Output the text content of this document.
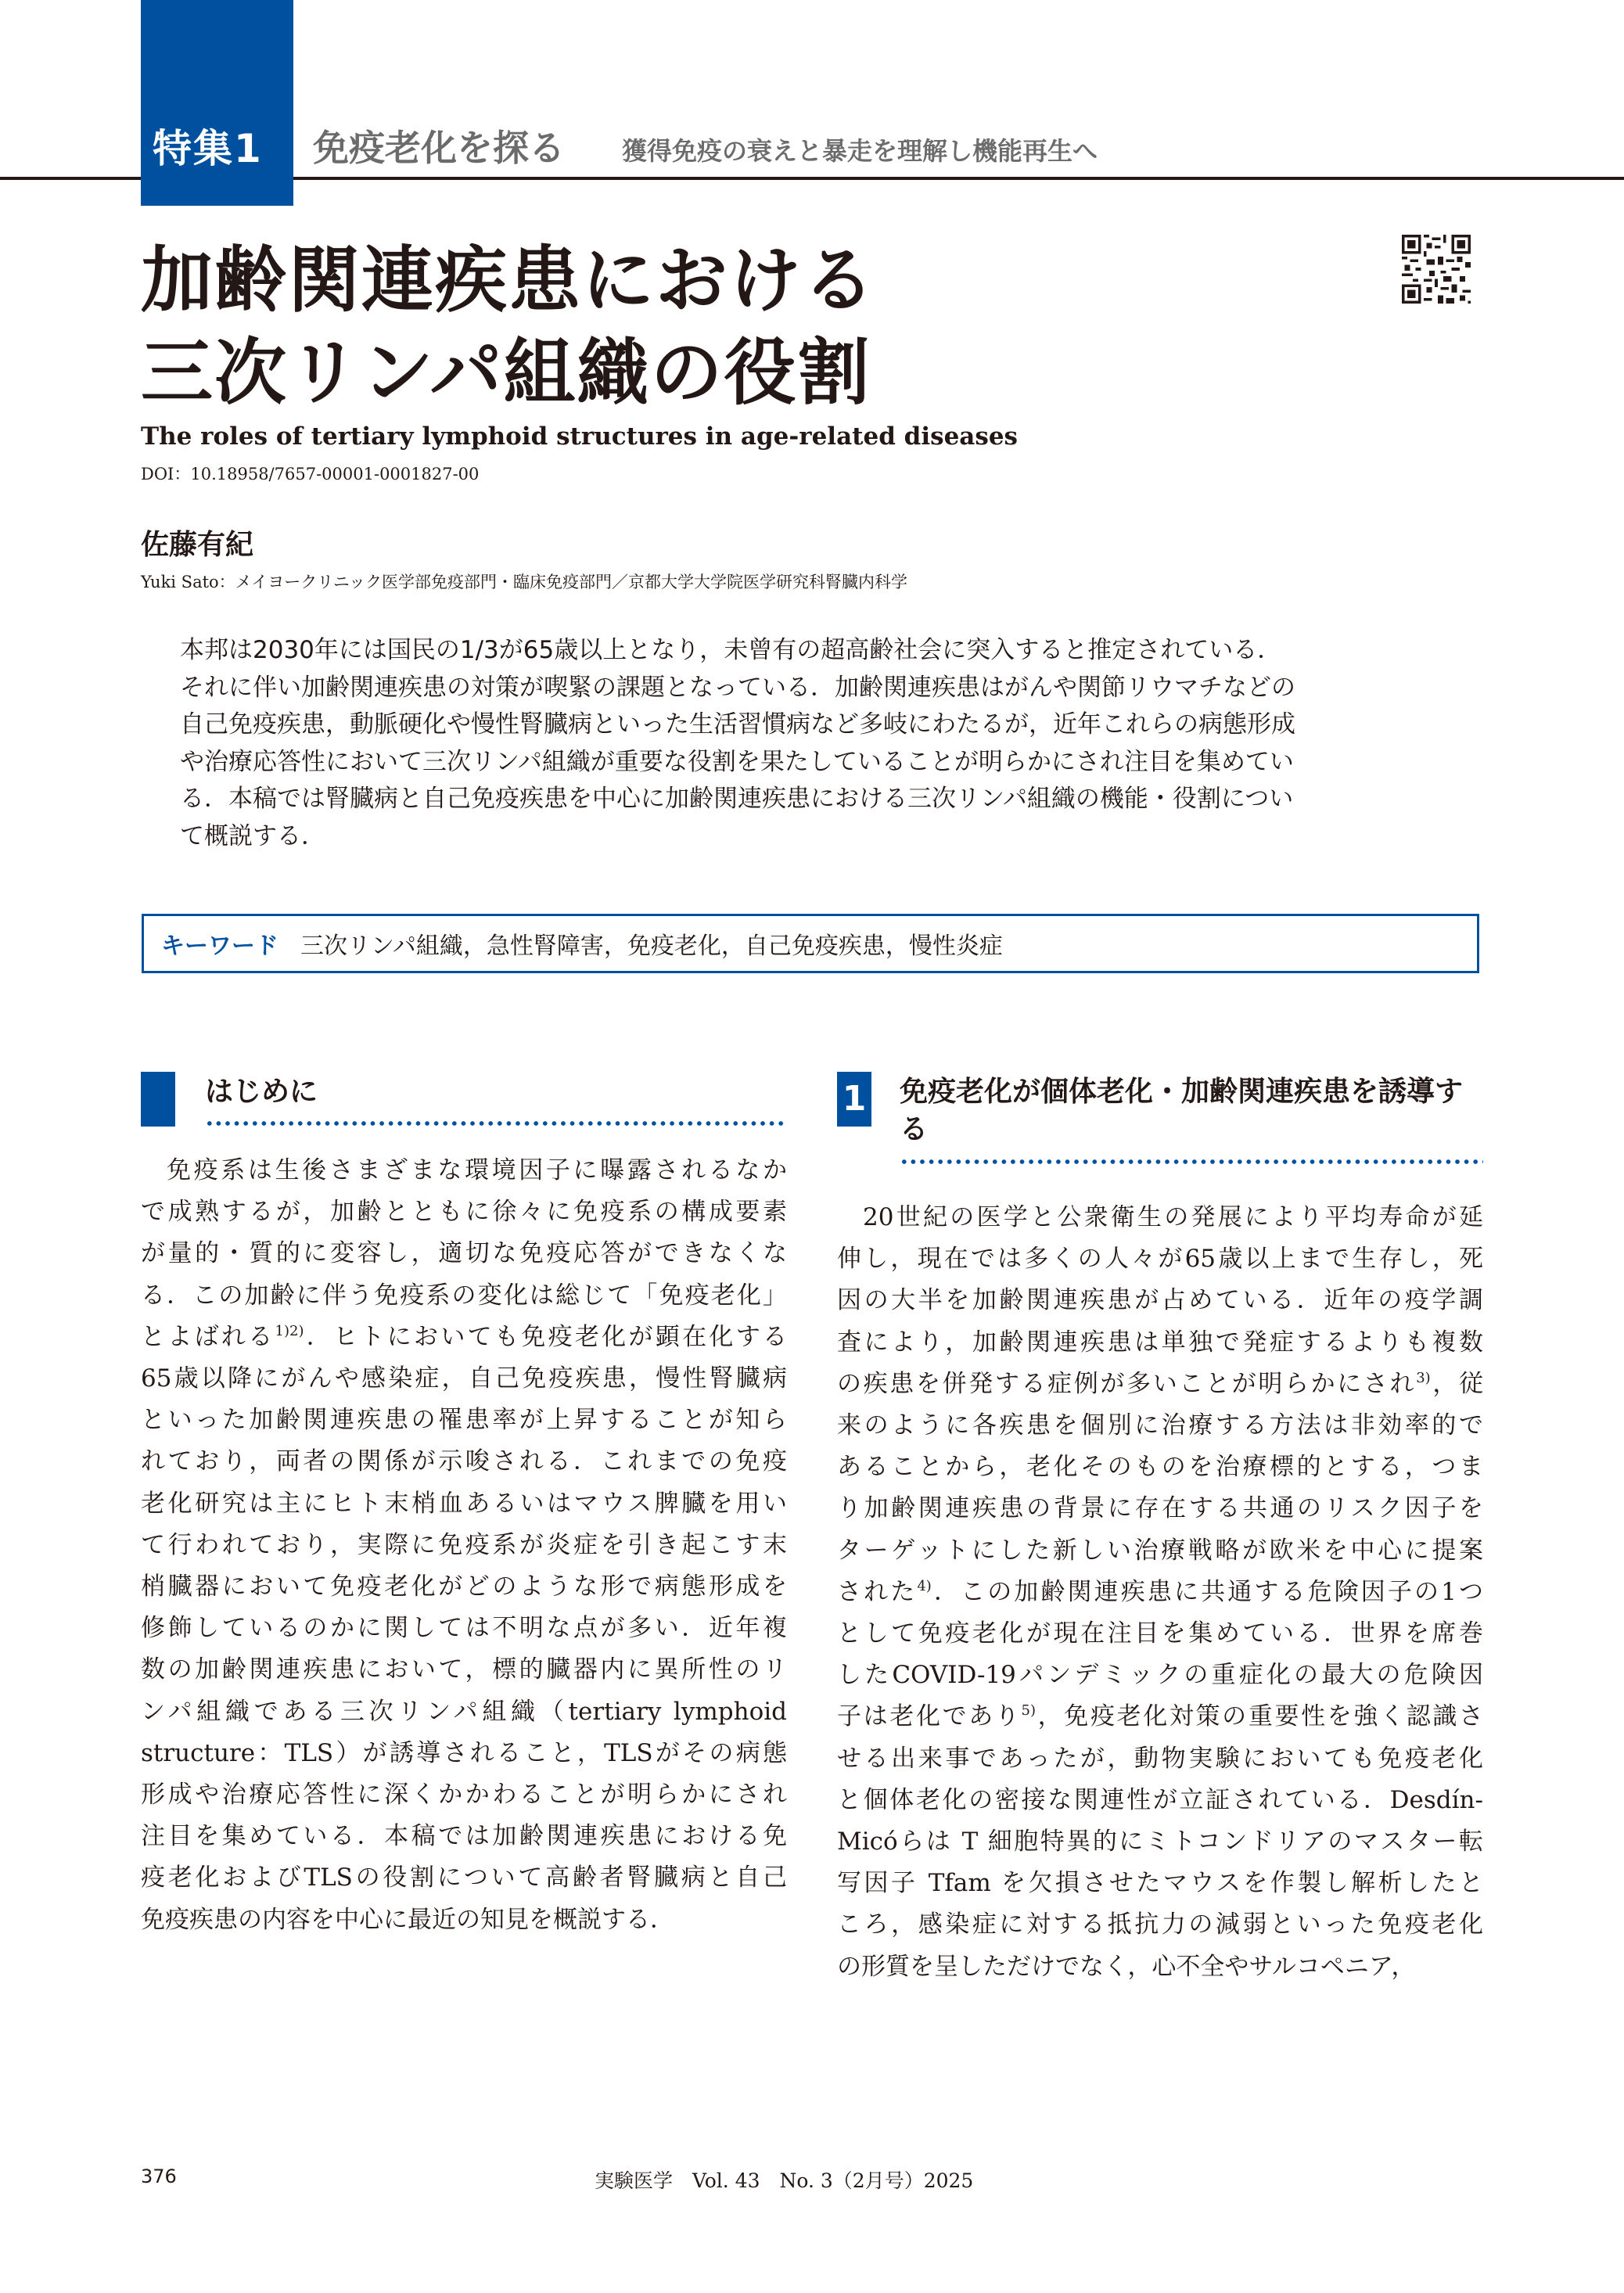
特集1 免疫老化を探る 獲得免疫の衰えと暴走を理解し機能再生へ
加齢関連疾患における
三次リンパ組織の役割
The roles of tertiary lymphoid structures in age-related diseases
DOI：10.18958/7657-00001-0001827-00
佐藤有紀
Yuki Sato：メイヨークリニック医学部免疫部門・臨床免疫部門／京都大学大学院医学研究科腎臓内科学
本邦は2030年には国民の1/3が65歳以上となり，未曾有の超高齢社会に突入すると推定されている．
それに伴い加齢関連疾患の対策が喫緊の課題となっている．加齢関連疾患はがんや関節リウマチなどの
自己免疫疾患，動脈硬化や慢性腎臓病といった生活習慣病など多岐にわたるが，近年これらの病態形成
や治療応答性において三次リンパ組織が重要な役割を果たしていることが明らかにされ注目を集めてい
る．本稿では腎臓病と自己免疫疾患を中心に加齢関連疾患における三次リンパ組織の機能・役割につい
て概説する．
キーワード 三次リンパ組織，急性腎障害，免疫老化，自己免疫疾患，慢性炎症
はじめに
免疫系は生後さまざまな環境因子に曝露されるなか
で成熟するが，加齢とともに徐々に免疫系の構成要素
が量的・質的に変容し，適切な免疫応答ができなくな
る．この加齢に伴う免疫系の変化は総じて「免疫老化」
とよばれる$^{1)2)}$．ヒトにおいても免疫老化が顕在化する
65歳以降にがんや感染症，自己免疫疾患，慢性腎臓病
といった加齢関連疾患の罹患率が上昇することが知ら
れており，両者の関係が示唆される．これまでの免疫
老化研究は主にヒト末梢血あるいはマウス脾臓を用い
て行われており，実際に免疫系が炎症を引き起こす末
梢臓器において免疫老化がどのような形で病態形成を
修飾しているのかに関しては不明な点が多い．近年複
数の加齢関連疾患において，標的臓器内に異所性のリ
ンパ組織である三次リンパ組織（tertiary lymphoid
structure：TLS）が誘導されること，TLSがその病態
形成や治療応答性に深くかかわることが明らかにされ
注目を集めている．本稿では加齢関連疾患における免
疫老化およびTLSの役割について高齢者腎臓病と自己
免疫疾患の内容を中心に最近の知見を概説する．
1 免疫老化が個体老化・加齢関連疾患を誘導する
20世紀の医学と公衆衛生の発展により平均寿命が延
伸し，現在では多くの人々が65歳以上まで生存し，死
因の大半を加齢関連疾患が占めている．近年の疫学調
査により，加齢関連疾患は単独で発症するよりも複数
の疾患を併発する症例が多いことが明らかにされ$^{3)}$，従
来のように各疾患を個別に治療する方法は非効率的で
あることから，老化そのものを治療標的とする，つま
り加齢関連疾患の背景に存在する共通のリスク因子を
ターゲットにした新しい治療戦略が欧米を中心に提案
された$^{4)}$．この加齢関連疾患に共通する危険因子の1つ
として免疫老化が現在注目を集めている．世界を席巻
したCOVID-19パンデミックの重症化の最大の危険因
子は老化であり$^{5)}$，免疫老化対策の重要性を強く認識さ
せる出来事であったが，動物実験においても免疫老化
と個体老化の密接な関連性が立証されている．Desdín-
Micóらは T 細胞特異的にミトコンドリアのマスター転
写因子 Tfam を欠損させたマウスを作製し解析したと
ころ，感染症に対する抵抗力の減弱といった免疫老化
の形質を呈しただけでなく，心不全やサルコペニア，
376	実験医学　Vol. 43　No. 3（2月号）2025
